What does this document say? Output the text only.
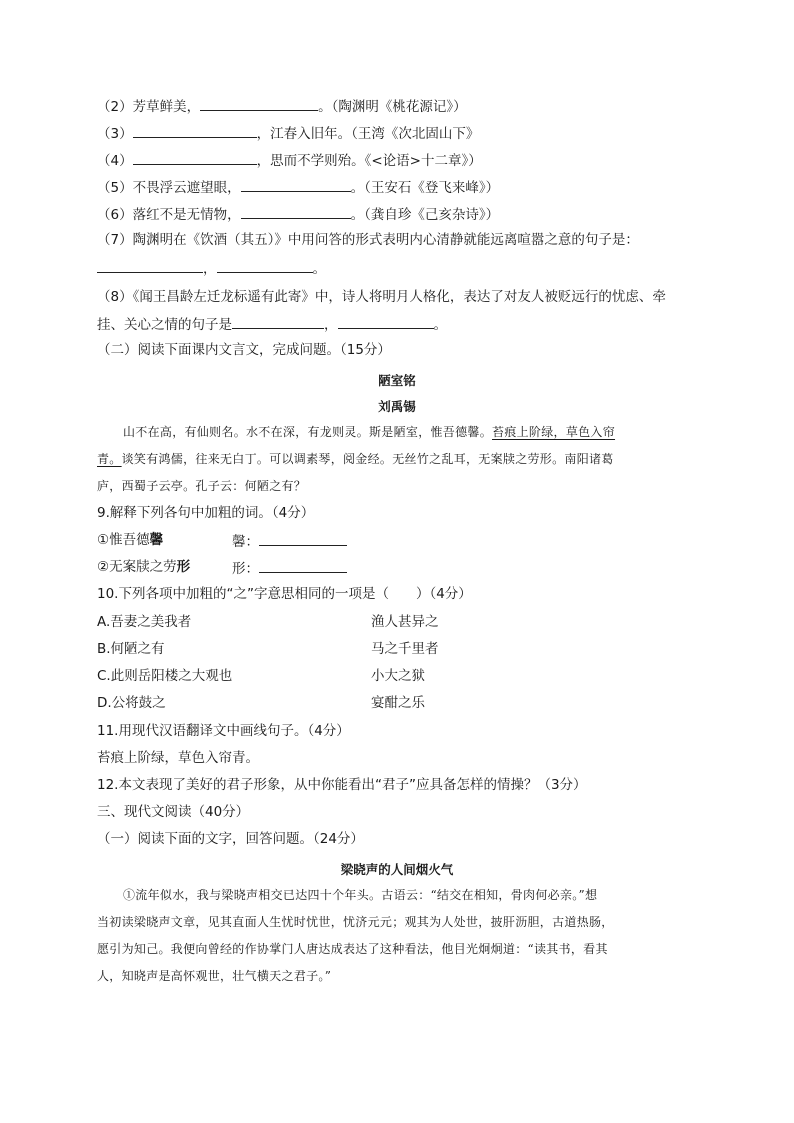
（2）芳草鲜美，	。（陶渊明《桃花源记》）
（3）	，江春入旧年。（王湾《次北固山下》
（4）	，思而不学则殆。《<论语>十二章》）
（5）不畏浮云遮望眼，	。（王安石《登飞来峰》）
（6）落红不是无情物，	。（龚自珍《己亥杂诗》）
（7）陶渊明在《饮酒（其五）》中用问答的形式表明内心清静就能远离喧嚣之意的句子是：
，	。
（8）《闻王昌龄左迁龙标遥有此寄》中，诗人将明月人格化，表达了对友人被贬远行的忧虑、牵
挂、关心之情的句子是	，	。
（二）阅读下面课内文言文，完成问题。（15分）
陋室铭
刘禹锡
山不在高，有仙则名。水不在深，有龙则灵。斯是陋室，惟吾德馨。苔痕上阶绿，草色入帘
青。谈笑有鸿儒，往来无白丁。可以调素琴，阅金经。无丝竹之乱耳，无案牍之劳形。南阳诸葛
庐，西蜀子云亭。孔子云：何陋之有？
9.解释下列各句中加粗的词。（4分）
①惟吾德馨	馨：
②无案牍之劳形	形：
10.下列各项中加粗的“之”字意思相同的一项是（　　）（4分）
A.吾妻之美我者	渔人甚异之
B.何陋之有	马之千里者
C.此则岳阳楼之大观也	小大之狱
D.公将鼓之	宴酣之乐
11.用现代汉语翻译文中画线句子。（4分）
苔痕上阶绿，草色入帘青。
12.本文表现了美好的君子形象，从中你能看出“君子”应具备怎样的情操？（3分）
三、现代文阅读（40分）
（一）阅读下面的文字，回答问题。（24分）
梁晓声的人间烟火气
①流年似水，我与梁晓声相交已达四十个年头。古语云：“结交在相知，骨肉何必亲。”想
当初读梁晓声文章，见其直面人生忧时忧世，忧济元元；观其为人处世，披肝沥胆，古道热肠，
愿引为知己。我便向曾经的作协掌门人唐达成表达了这种看法，他目光炯炯道：“读其书，看其
人，知晓声是高怀观世，壮气横天之君子。”
